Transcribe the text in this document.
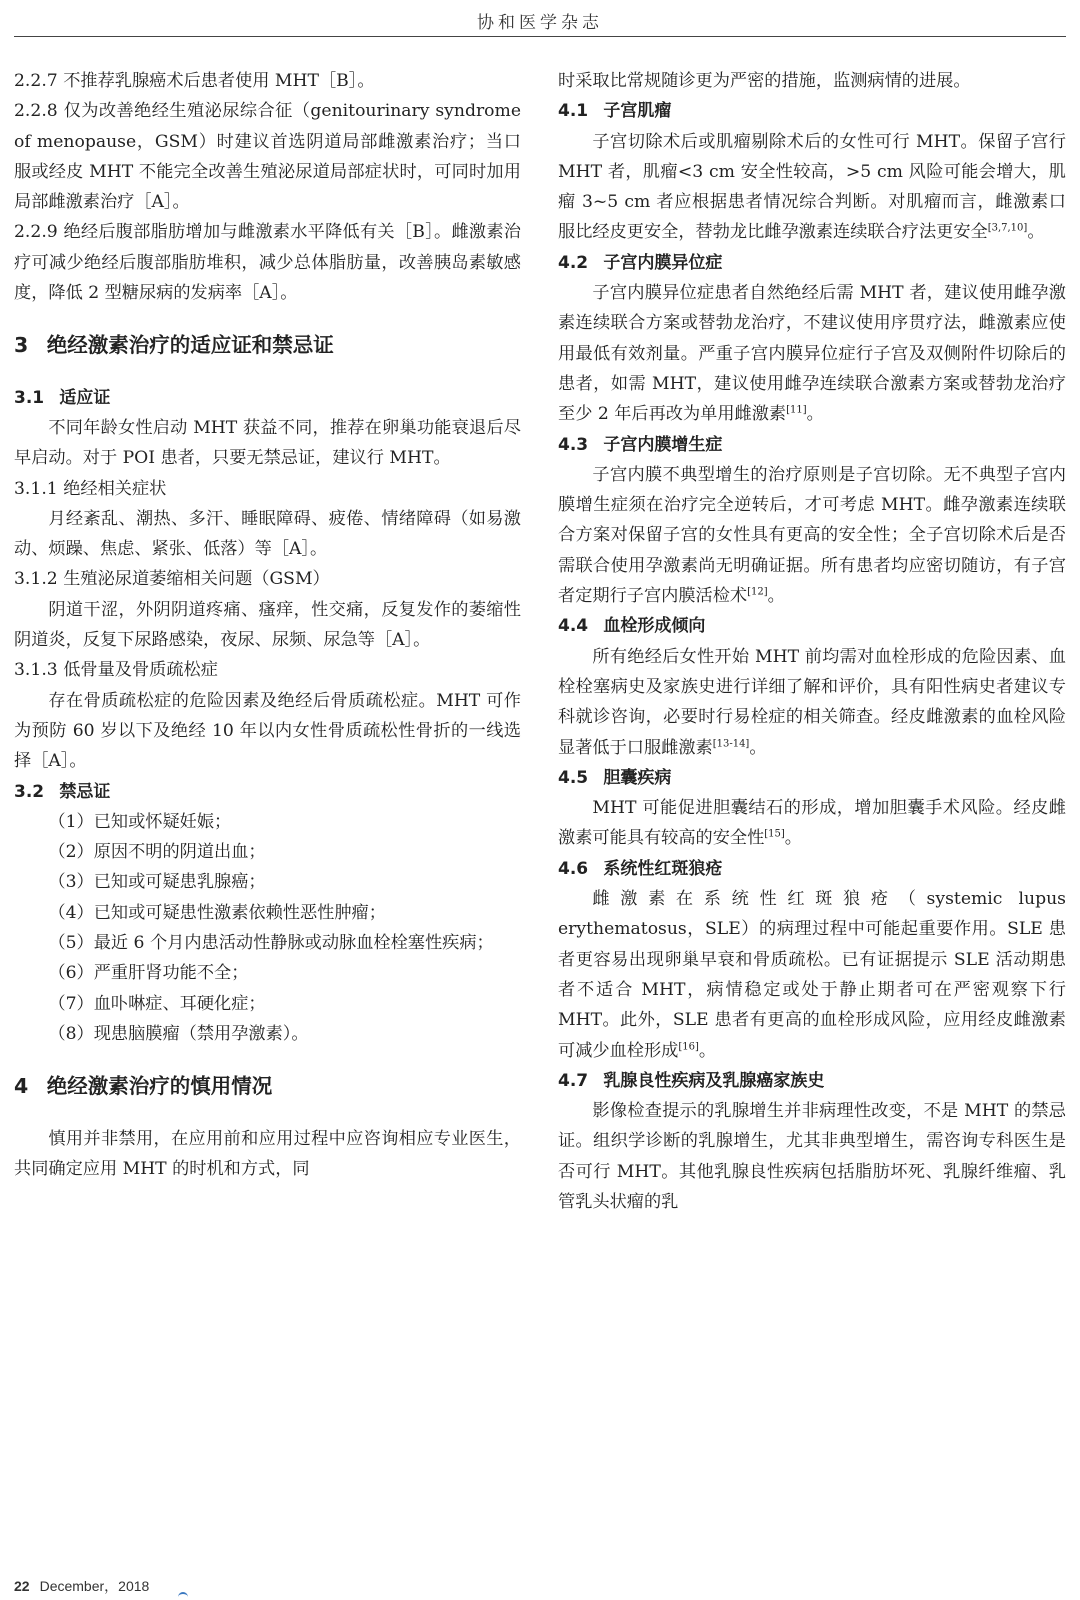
协和医学杂志

2.2.7 不推荐乳腺癌术后患者使用 MHT［B］。

2.2.8 仅为改善绝经生殖泌尿综合征（genitourinary syndrome of menopause，GSM）时建议首选阴道局部雌激素治疗；当口服或经皮 MHT 不能完全改善生殖泌尿道局部症状时，可同时加用局部雌激素治疗［A］。

2.2.9 绝经后腹部脂肪增加与雌激素水平降低有关［B］。雌激素治疗可减少绝经后腹部脂肪堆积，减少总体脂肪量，改善胰岛素敏感度，降低 2 型糖尿病的发病率［A］。

3 绝经激素治疗的适应证和禁忌证

3.1 适应证

不同年龄女性启动 MHT 获益不同，推荐在卵巢功能衰退后尽早启动。对于 POI 患者，只要无禁忌证，建议行 MHT。

3.1.1 绝经相关症状

月经紊乱、潮热、多汗、睡眠障碍、疲倦、情绪障碍（如易激动、烦躁、焦虑、紧张、低落）等［A］。

3.1.2 生殖泌尿道萎缩相关问题（GSM）

阴道干涩，外阴阴道疼痛、瘙痒，性交痛，反复发作的萎缩性阴道炎，反复下尿路感染，夜尿、尿频、尿急等［A］。

3.1.3 低骨量及骨质疏松症

存在骨质疏松症的危险因素及绝经后骨质疏松症。MHT 可作为预防 60 岁以下及绝经 10 年以内女性骨质疏松性骨折的一线选择［A］。

3.2 禁忌证

（1）已知或怀疑妊娠；

（2）原因不明的阴道出血；

（3）已知或可疑患乳腺癌；

（4）已知或可疑患性激素依赖性恶性肿瘤；

（5）最近 6 个月内患活动性静脉或动脉血栓栓塞性疾病；

（6）严重肝肾功能不全；

（7）血卟啉症、耳硬化症；

（8）现患脑膜瘤（禁用孕激素）。

4 绝经激素治疗的慎用情况

慎用并非禁用，在应用前和应用过程中应咨询相应专业医生，共同确定应用 MHT 的时机和方式，同

时采取比常规随诊更为严密的措施，监测病情的进展。

4.1 子宫肌瘤

子宫切除术后或肌瘤剔除术后的女性可行 MHT。保留子宫行 MHT 者，肌瘤<3 cm 安全性较高，>5 cm 风险可能会增大，肌瘤 3~5 cm 者应根据患者情况综合判断。对肌瘤而言，雌激素口服比经皮更安全，替勃龙比雌孕激素连续联合疗法更安全[3,7,10]。

4.2 子宫内膜异位症

子宫内膜异位症患者自然绝经后需 MHT 者，建议使用雌孕激素连续联合方案或替勃龙治疗，不建议使用序贯疗法，雌激素应使用最低有效剂量。严重子宫内膜异位症行子宫及双侧附件切除后的患者，如需 MHT，建议使用雌孕连续联合激素方案或替勃龙治疗至少 2 年后再改为单用雌激素[11]。

4.3 子宫内膜增生症

子宫内膜不典型增生的治疗原则是子宫切除。无不典型子宫内膜增生症须在治疗完全逆转后，才可考虑 MHT。雌孕激素连续联合方案对保留子宫的女性具有更高的安全性；全子宫切除术后是否需联合使用孕激素尚无明确证据。所有患者均应密切随访，有子宫者定期行子宫内膜活检术[12]。

4.4 血栓形成倾向

所有绝经后女性开始 MHT 前均需对血栓形成的危险因素、血栓栓塞病史及家族史进行详细了解和评价，具有阳性病史者建议专科就诊咨询，必要时行易栓症的相关筛查。经皮雌激素的血栓风险显著低于口服雌激素[13-14]。

4.5 胆囊疾病

MHT 可能促进胆囊结石的形成，增加胆囊手术风险。经皮雌激素可能具有较高的安全性[15]。

4.6 系统性红斑狼疮

雌激素在系统性红斑狼疮（systemic lupus erythematosus，SLE）的病理过程中可能起重要作用。SLE 患者更容易出现卵巢早衰和骨质疏松。已有证据提示 SLE 活动期患者不适合 MHT，病情稳定或处于静止期者可在严密观察下行 MHT。此外，SLE 患者有更高的血栓形成风险，应用经皮雌激素可减少血栓形成[16]。

4.7 乳腺良性疾病及乳腺癌家族史

影像检查提示的乳腺增生并非病理性改变，不是 MHT 的禁忌证。组织学诊断的乳腺增生，尤其非典型增生，需咨询专科医生是否可行 MHT。其他乳腺良性疾病包括脂肪坏死、乳腺纤维瘤、乳管乳头状瘤的乳

22 December，2018
